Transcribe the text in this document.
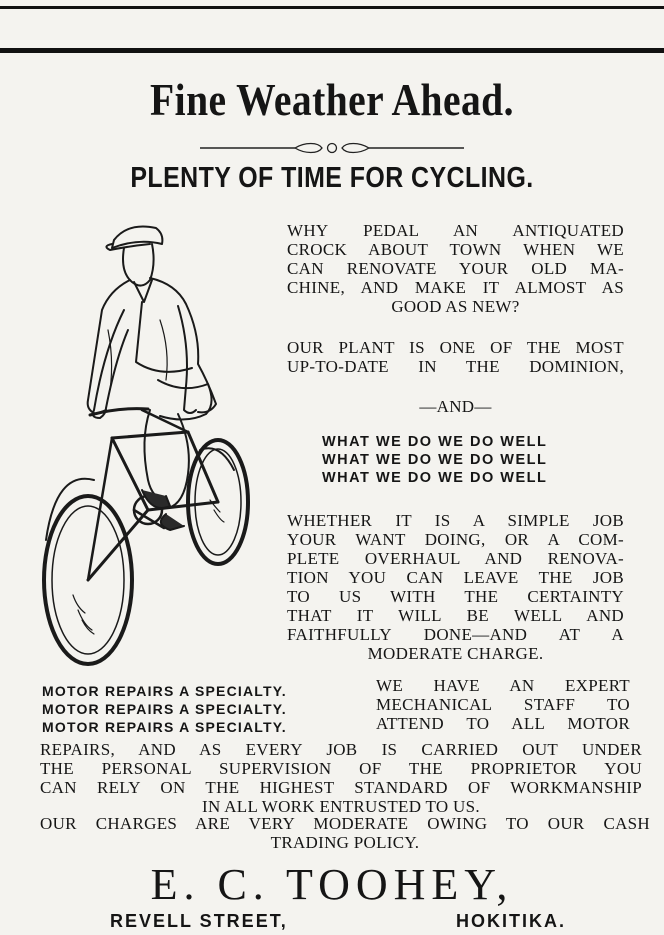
Fine Weather Ahead.
PLENTY OF TIME FOR CYCLING.
WHY PEDAL AN ANTIQUATED
CROCK ABOUT TOWN WHEN WE
CAN RENOVATE YOUR OLD MA-
CHINE, AND MAKE IT ALMOST AS
GOOD AS NEW?
OUR PLANT IS ONE OF THE MOST
UP-TO-DATE IN THE DOMINION,
—AND—
WHAT WE DO WE DO WELL
WHAT WE DO WE DO WELL
WHAT WE DO WE DO WELL
WHETHER IT IS A SIMPLE JOB
YOUR WANT DOING, OR A COM-
PLETE OVERHAUL AND RENOVA-
TION YOU CAN LEAVE THE JOB
TO US WITH THE CERTAINTY
THAT IT WILL BE WELL AND
FAITHFULLY DONE—AND AT A
MODERATE CHARGE.
MOTOR REPAIRS A SPECIALTY.
MOTOR REPAIRS A SPECIALTY.
MOTOR REPAIRS A SPECIALTY.
WE HAVE AN EXPERT
MECHANICAL STAFF TO
ATTEND TO ALL MOTOR
REPAIRS, AND AS EVERY JOB IS CARRIED OUT UNDER
THE PERSONAL SUPERVISION OF THE PROPRIETOR YOU
CAN RELY ON THE HIGHEST STANDARD OF WORKMANSHIP
IN ALL WORK ENTRUSTED TO US.
OUR CHARGES ARE VERY MODERATE OWING TO OUR CASH
TRADING POLICY.
E. C. TOOHEY,
REVELL STREET,	HOKITIKA.
